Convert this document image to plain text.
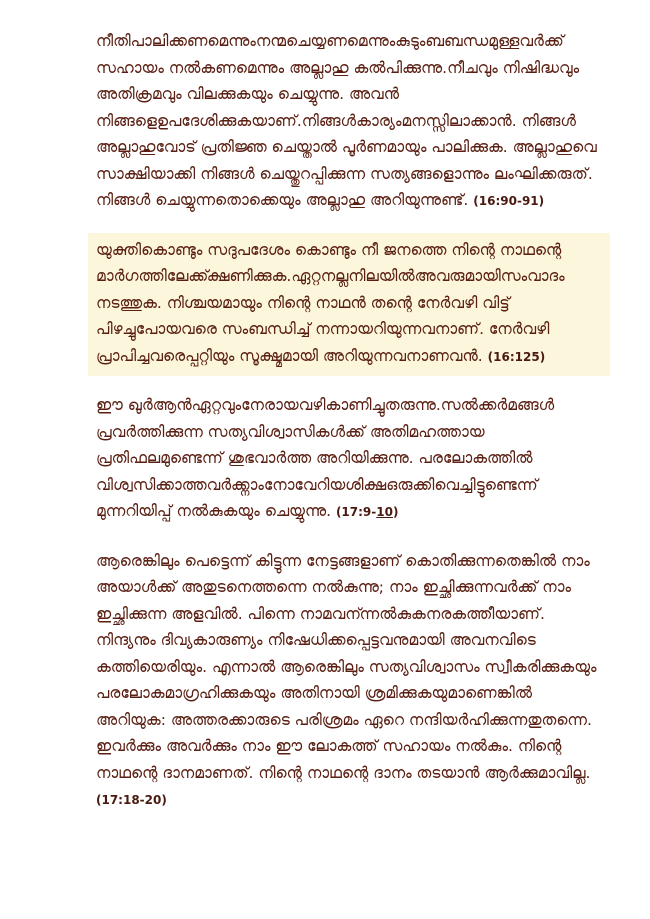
നീതിപാലിക്കണമെന്നുംനന്മചെയ്യണമെന്നുംകുടുംബബന്ധമുള്ളവർക്ക് സഹായം നൽകണമെന്നും അല്ലാഹു കൽപിക്കുന്നു.നീചവും നിഷിദ്ധവും അതിക്രമവും വിലക്കുകയും ചെയ്യുന്നു. അവൻ നിങ്ങളെഉപദേശിക്കുകയാണ്.നിങ്ങൾകാര്യംമനസ്സിലാക്കാൻ. നിങ്ങൾ അല്ലാഹുവോട് പ്രതിജ്ഞ ചെയ്താൽ പൂർണമായും പാലിക്കുക. അല്ലാഹുവെ സാക്ഷിയാക്കി നിങ്ങൾ ചെയ്തുറപ്പിക്കുന്ന സത്യങ്ങളൊന്നും ലംഘിക്കരുത്. നിങ്ങൾ ചെയ്യുന്നതൊക്കെയും അല്ലാഹു അറിയുന്നുണ്ട്. (16:90-91)

യുക്തികൊണ്ടും സദുപദേശം കൊണ്ടും നീ ജനത്തെ നിന്റെ നാഥന്റെ മാർഗത്തിലേക്ക്ക്ഷണിക്കുക.ഏറ്റനല്ലനിലയിൽഅവരുമായിസംവാദം നടത്തുക. നിശ്ചയമായും നിന്റെ നാഥൻ തന്റെ നേർവഴി വിട്ട് പിഴച്ചുപോയവരെ സംബന്ധിച്ച് നന്നായറിയുന്നവനാണ്. നേർവഴി പ്രാപിച്ചവരെപ്പറ്റിയും സൂക്ഷ്മമായി അറിയുന്നവനാണവൻ. (16:125)

ഈ ഖുർആൻഏറ്റവുംനേരായവഴികാണിച്ചുതരുന്നു.സൽക്കർമങ്ങൾ പ്രവർത്തിക്കുന്ന സത്യവിശ്വാസികൾക്ക് അതിമഹത്തായ പ്രതിഫലമുണ്ടെന്ന് ശുഭവാർത്ത അറിയിക്കുന്നു. പരലോകത്തിൽ വിശ്വസിക്കാത്തവർക്ക്നാംനോവേറിയശിക്ഷഒരുക്കിവെച്ചിട്ടുണ്ടെന്ന് മുന്നറിയിപ്പ് നൽകുകയും ചെയ്യുന്നു. (17:9-10)

ആരെങ്കിലും പെട്ടെന്ന് കിട്ടുന്ന നേട്ടങ്ങളാണ് കൊതിക്കുന്നതെങ്കിൽ നാം അയാൾക്ക് അതുടനെത്തന്നെ നൽകുന്നു; നാം ഇച്ഛിക്കുന്നവർക്ക് നാം ഇച്ഛിക്കുന്ന അളവിൽ. പിന്നെ നാമവന്ന്നൽകുകനരകത്തീയാണ്. നിന്ദ്യനും ദിവ്യകാരുണ്യം നിഷേധിക്കപ്പെട്ടവനുമായി അവനവിടെ കത്തിയെരിയും. എന്നാൽ ആരെങ്കിലും സത്യവിശ്വാസം സ്വീകരിക്കുകയും പരലോകമാഗ്രഹിക്കുകയും അതിനായി ശ്രമിക്കുകയുമാണെങ്കിൽ അറിയുക: അത്തരക്കാരുടെ പരിശ്രമം ഏറെ നന്ദിയർഹിക്കുന്നതുതന്നെ. ഇവർക്കും അവർക്കും നാം ഈ ലോകത്ത് സഹായം നൽകും. നിന്റെ നാഥന്റെ ദാനമാണത്. നിന്റെ നാഥന്റെ ദാനം തടയാൻ ആർക്കുമാവില്ല. (17:18-20)
